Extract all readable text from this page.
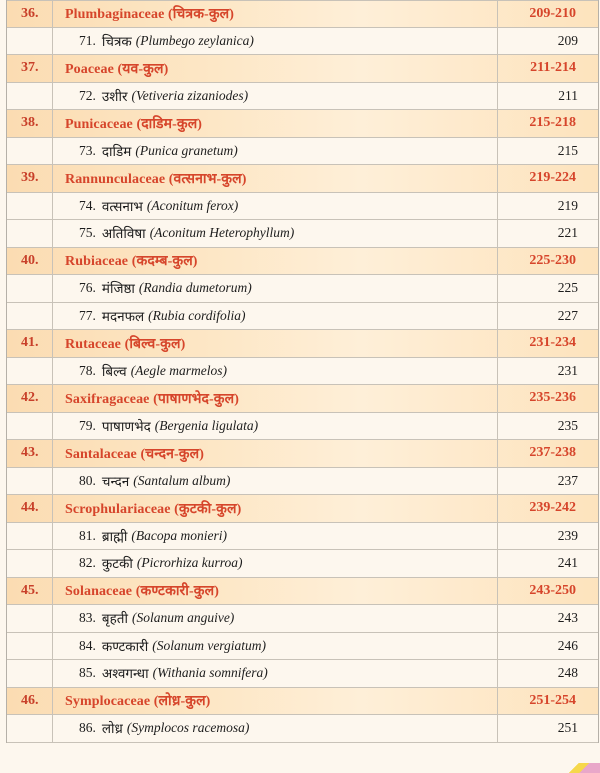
36. Plumbaginaceae (चित्रक-कुल)	209-210
71. चित्रक (Plumbego zeylanica)	209
37. Poaceae (यव-कुल)	211-214
72. उशीर (Vetiveria zizaniodes)	211
38. Punicaceae (दाडिम-कुल)	215-218
73. दाडिम (Punica granetum)	215
39. Rannunculaceae (वत्सनाभ-कुल)	219-224
74. वत्सनाभ (Aconitum ferox)	219
75. अतिविषा (Aconitum Heterophyllum)	221
40. Rubiaceae (कदम्ब-कुल)	225-230
76. मंजिष्ठा (Randia dumetorum)	225
77. मदनफल (Rubia cordifolia)	227
41. Rutaceae (बिल्व-कुल)	231-234
78. बिल्व (Aegle marmelos)	231
42. Saxifragaceae (पाषाणभेद-कुल)	235-236
79. पाषाणभेद (Bergenia ligulata)	235
43. Santalaceae (चन्दन-कुल)	237-238
80. चन्दन (Santalum album)	237
44. Scrophulariaceae (कुटकी-कुल)	239-242
81. ब्राह्मी (Bacopa monieri)	239
82. कुटकी (Picrorhiza kurroa)	241
45. Solanaceae (कण्टकारी-कुल)	243-250
83. बृहती (Solanum anguive)	243
84. कण्टकारी (Solanum vergiatum)	246
85. अश्वगन्धा (Withania somnifera)	248
46. Symplocaceae (लोध्र-कुल)	251-254
86. लोध्र (Symplocos racemosa)	251
